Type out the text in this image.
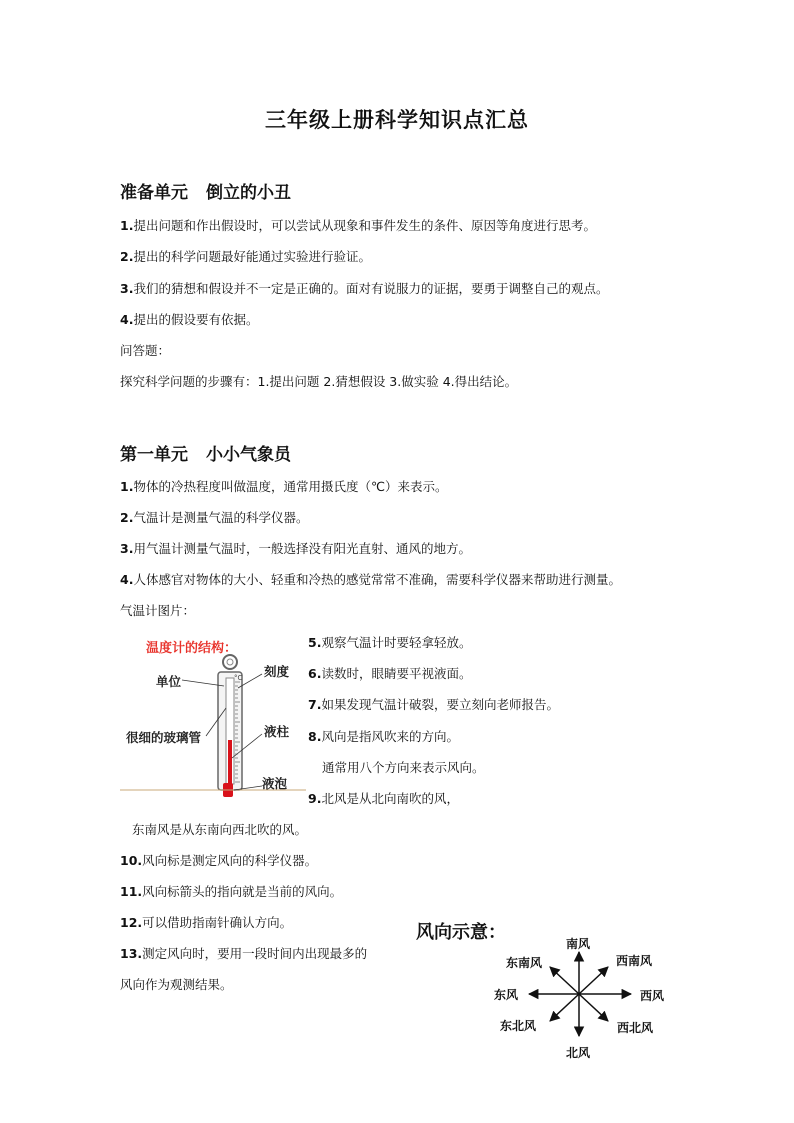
三年级上册科学知识点汇总
准备单元 倒立的小丑
1.提出问题和作出假设时，可以尝试从现象和事件发生的条件、原因等角度进行思考。
2.提出的科学问题最好能通过实验进行验证。
3.我们的猜想和假设并不一定是正确的。面对有说服力的证据，要勇于调整自己的观点。
4.提出的假设要有依据。
问答题：
探究科学问题的步骤有：1.提出问题 2.猜想假设 3.做实验 4.得出结论。
第一单元 小小气象员
1.物体的冷热程度叫做温度，通常用摄氏度（℃）来表示。
2.气温计是测量气温的科学仪器。
3.用气温计测量气温时，一般选择没有阳光直射、通风的地方。
4.人体感官对物体的大小、轻重和冷热的感觉常常不准确，需要科学仪器来帮助进行测量。
气温计图片：
温度计的结构：
°C 刻度
单位
很细的玻璃管	液柱
液泡
5.观察气温计时要轻拿轻放。
6.读数时，眼睛要平视液面。
7.如果发现气温计破裂，要立刻向老师报告。
8.风向是指风吹来的方向。
通常用八个方向来表示风向。
9.北风是从北向南吹的风，
东南风是从东南向西北吹的风。
10.风向标是测定风向的科学仪器。
11.风向标箭头的指向就是当前的风向。
12.可以借助指南针确认方向。
13.测定风向时，要用一段时间内出现最多的
风向作为观测结果。
风向示意：
南风
东南风	西南风
东风	西风
东北风	西北风
北风
